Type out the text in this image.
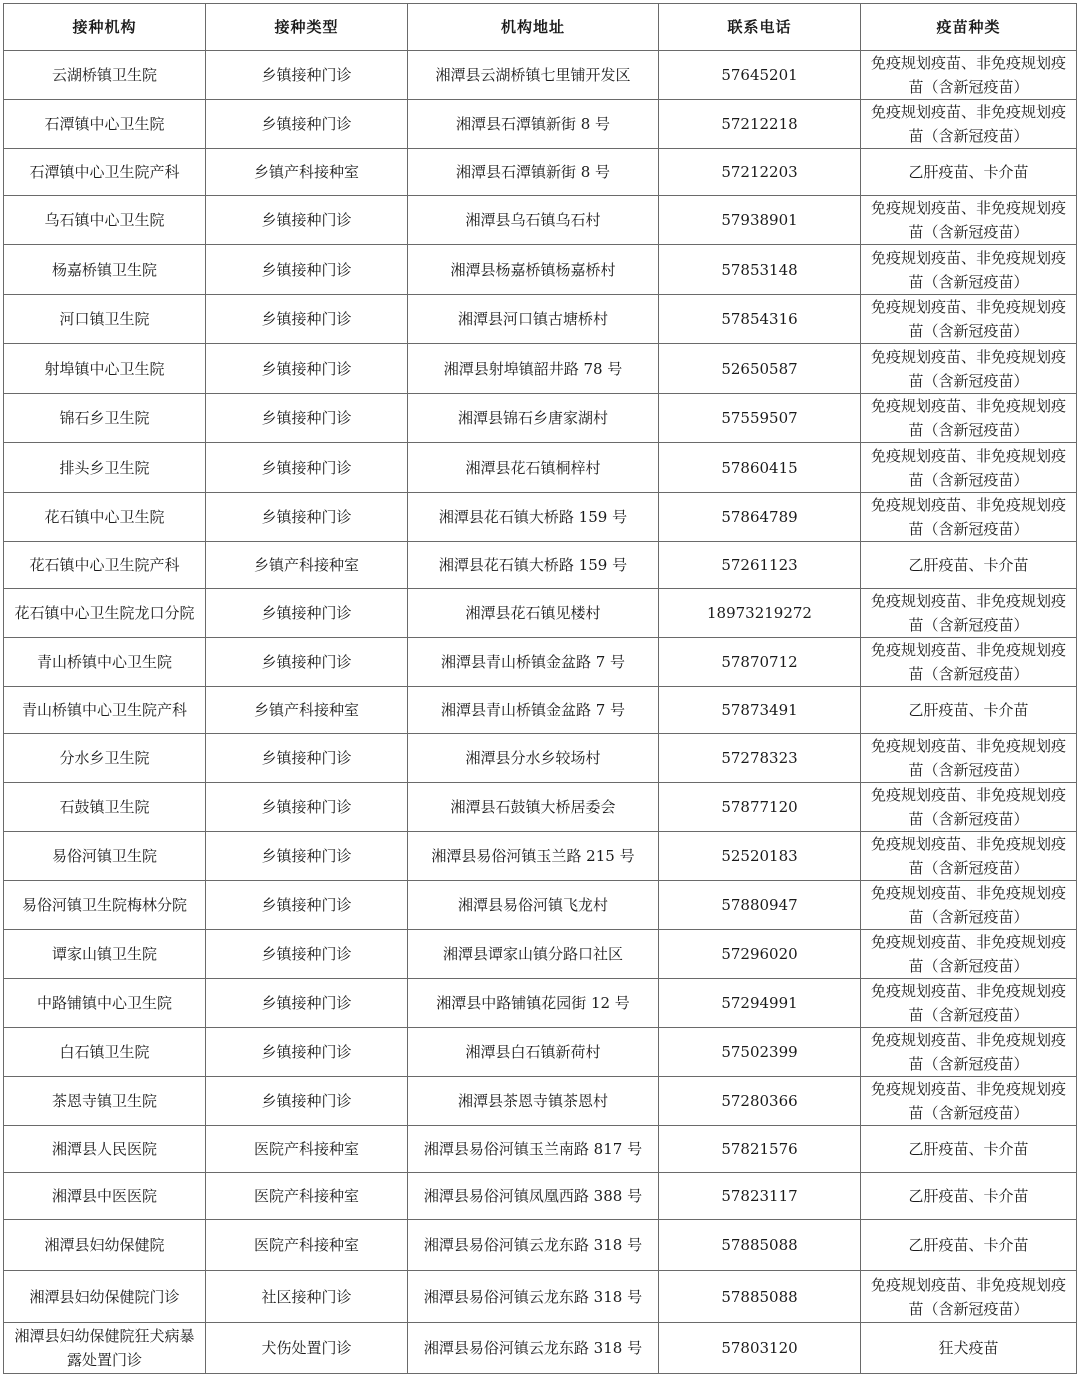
接种机构	接种类型	机构地址	联系电话	疫苗种类
云湖桥镇卫生院	乡镇接种门诊	湘潭县云湖桥镇七里铺开发区	57645201	免疫规划疫苗、非免疫规划疫苗（含新冠疫苗）
石潭镇中心卫生院	乡镇接种门诊	湘潭县石潭镇新街 8 号	57212218	免疫规划疫苗、非免疫规划疫苗（含新冠疫苗）
石潭镇中心卫生院产科	乡镇产科接种室	湘潭县石潭镇新街 8 号	57212203	乙肝疫苗、卡介苗
乌石镇中心卫生院	乡镇接种门诊	湘潭县乌石镇乌石村	57938901	免疫规划疫苗、非免疫规划疫苗（含新冠疫苗）
杨嘉桥镇卫生院	乡镇接种门诊	湘潭县杨嘉桥镇杨嘉桥村	57853148	免疫规划疫苗、非免疫规划疫苗（含新冠疫苗）
河口镇卫生院	乡镇接种门诊	湘潭县河口镇古塘桥村	57854316	免疫规划疫苗、非免疫规划疫苗（含新冠疫苗）
射埠镇中心卫生院	乡镇接种门诊	湘潭县射埠镇韶井路 78 号	52650587	免疫规划疫苗、非免疫规划疫苗（含新冠疫苗）
锦石乡卫生院	乡镇接种门诊	湘潭县锦石乡唐家湖村	57559507	免疫规划疫苗、非免疫规划疫苗（含新冠疫苗）
排头乡卫生院	乡镇接种门诊	湘潭县花石镇桐梓村	57860415	免疫规划疫苗、非免疫规划疫苗（含新冠疫苗）
花石镇中心卫生院	乡镇接种门诊	湘潭县花石镇大桥路 159 号	57864789	免疫规划疫苗、非免疫规划疫苗（含新冠疫苗）
花石镇中心卫生院产科	乡镇产科接种室	湘潭县花石镇大桥路 159 号	57261123	乙肝疫苗、卡介苗
花石镇中心卫生院龙口分院	乡镇接种门诊	湘潭县花石镇见楼村	18973219272	免疫规划疫苗、非免疫规划疫苗（含新冠疫苗）
青山桥镇中心卫生院	乡镇接种门诊	湘潭县青山桥镇金盆路 7 号	57870712	免疫规划疫苗、非免疫规划疫苗（含新冠疫苗）
青山桥镇中心卫生院产科	乡镇产科接种室	湘潭县青山桥镇金盆路 7 号	57873491	乙肝疫苗、卡介苗
分水乡卫生院	乡镇接种门诊	湘潭县分水乡较场村	57278323	免疫规划疫苗、非免疫规划疫苗（含新冠疫苗）
石鼓镇卫生院	乡镇接种门诊	湘潭县石鼓镇大桥居委会	57877120	免疫规划疫苗、非免疫规划疫苗（含新冠疫苗）
易俗河镇卫生院	乡镇接种门诊	湘潭县易俗河镇玉兰路 215 号	52520183	免疫规划疫苗、非免疫规划疫苗（含新冠疫苗）
易俗河镇卫生院梅林分院	乡镇接种门诊	湘潭县易俗河镇飞龙村	57880947	免疫规划疫苗、非免疫规划疫苗（含新冠疫苗）
谭家山镇卫生院	乡镇接种门诊	湘潭县谭家山镇分路口社区	57296020	免疫规划疫苗、非免疫规划疫苗（含新冠疫苗）
中路铺镇中心卫生院	乡镇接种门诊	湘潭县中路铺镇花园街 12 号	57294991	免疫规划疫苗、非免疫规划疫苗（含新冠疫苗）
白石镇卫生院	乡镇接种门诊	湘潭县白石镇新荷村	57502399	免疫规划疫苗、非免疫规划疫苗（含新冠疫苗）
茶恩寺镇卫生院	乡镇接种门诊	湘潭县茶恩寺镇茶恩村	57280366	免疫规划疫苗、非免疫规划疫苗（含新冠疫苗）
湘潭县人民医院	医院产科接种室	湘潭县易俗河镇玉兰南路 817 号	57821576	乙肝疫苗、卡介苗
湘潭县中医医院	医院产科接种室	湘潭县易俗河镇凤凰西路 388 号	57823117	乙肝疫苗、卡介苗
湘潭县妇幼保健院	医院产科接种室	湘潭县易俗河镇云龙东路 318 号	57885088	乙肝疫苗、卡介苗
湘潭县妇幼保健院门诊	社区接种门诊	湘潭县易俗河镇云龙东路 318 号	57885088	免疫规划疫苗、非免疫规划疫苗（含新冠疫苗）
湘潭县妇幼保健院狂犬病暴露处置门诊	犬伤处置门诊	湘潭县易俗河镇云龙东路 318 号	57803120	狂犬疫苗
